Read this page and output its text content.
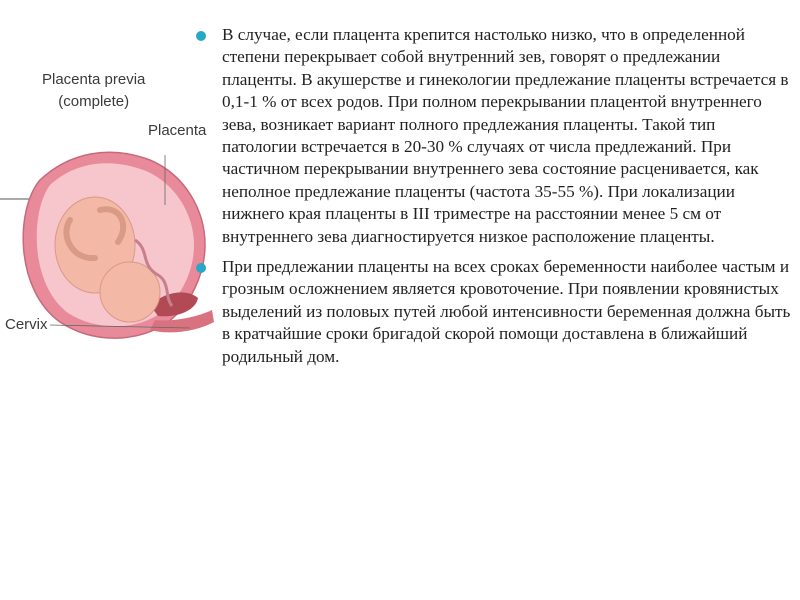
Placenta previa
(complete)
Placenta
Cervix
В случае, если плацента крепится настолько низко, что в определенной степени перекрывает собой внутренний зев, говорят о предлежании плаценты. В акушерстве и гинекологии предлежание плаценты встречается в 0,1-1 % от всех родов. При полном перекрывании плацентой внутреннего зева, возникает вариант полного предлежания плаценты. Такой тип патологии встречается в 20-30 % случаях от числа предлежаний. При частичном перекрывании внутреннего зева состояние расценивается, как неполное предлежание плаценты (частота 35-55 %). При локализации нижнего края плаценты в III триместре на расстоянии менее 5 см от внутреннего зева диагностируется низкое расположение плаценты.
При предлежании плаценты на всех сроках беременности наиболее частым и грозным осложнением является кровоточение. При появлении кровянистых выделений из половых путей любой интенсивности беременная должна быть в кратчайшие сроки бригадой скорой помощи доставлена в ближайший родильный дом.
